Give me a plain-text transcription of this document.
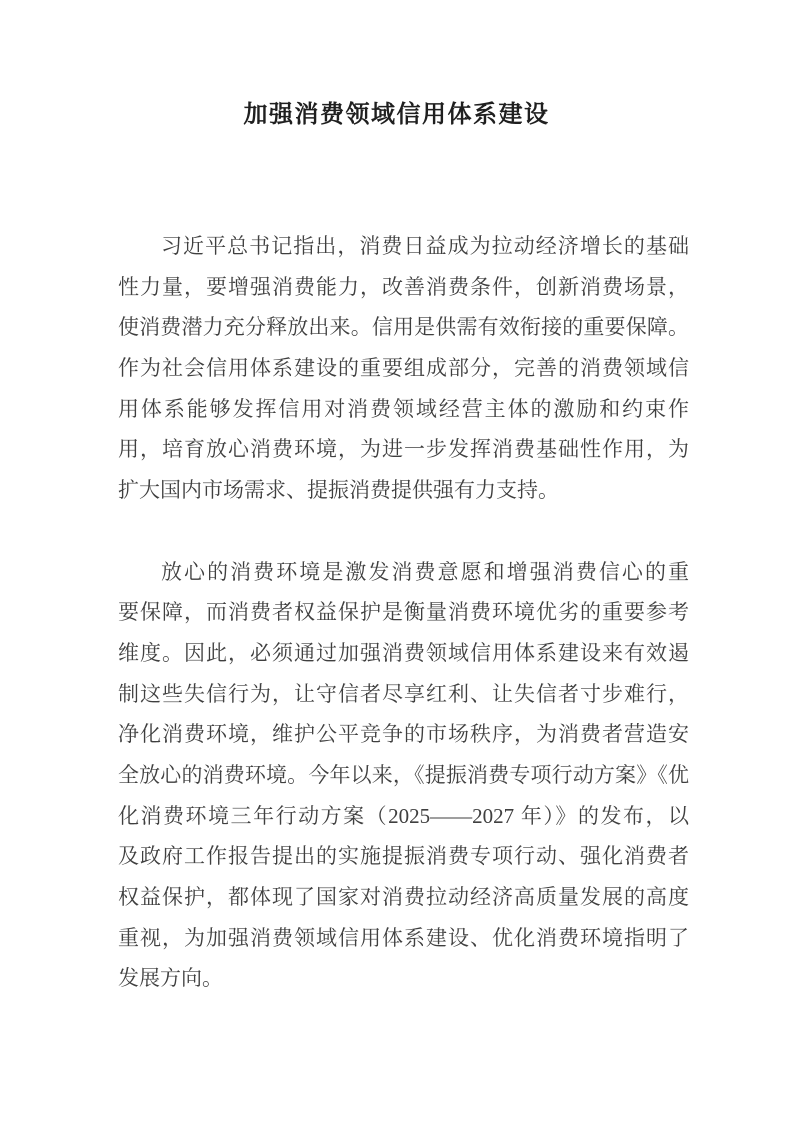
加强消费领域信用体系建设
习近平总书记指出，消费日益成为拉动经济增长的基础
性力量，要增强消费能力，改善消费条件，创新消费场景，
使消费潜力充分释放出来。信用是供需有效衔接的重要保障。
作为社会信用体系建设的重要组成部分，完善的消费领域信
用体系能够发挥信用对消费领域经营主体的激励和约束作
用，培育放心消费环境，为进一步发挥消费基础性作用，为
扩大国内市场需求、提振消费提供强有力支持。
放心的消费环境是激发消费意愿和增强消费信心的重
要保障，而消费者权益保护是衡量消费环境优劣的重要参考
维度。因此，必须通过加强消费领域信用体系建设来有效遏
制这些失信行为，让守信者尽享红利、让失信者寸步难行，
净化消费环境，维护公平竞争的市场秩序，为消费者营造安
全放心的消费环境。今年以来，《提振消费专项行动方案》《优
化消费环境三年行动方案（2025——2027 年）》的发布，以
及政府工作报告提出的实施提振消费专项行动、强化消费者
权益保护，都体现了国家对消费拉动经济高质量发展的高度
重视，为加强消费领域信用体系建设、优化消费环境指明了
发展方向。
